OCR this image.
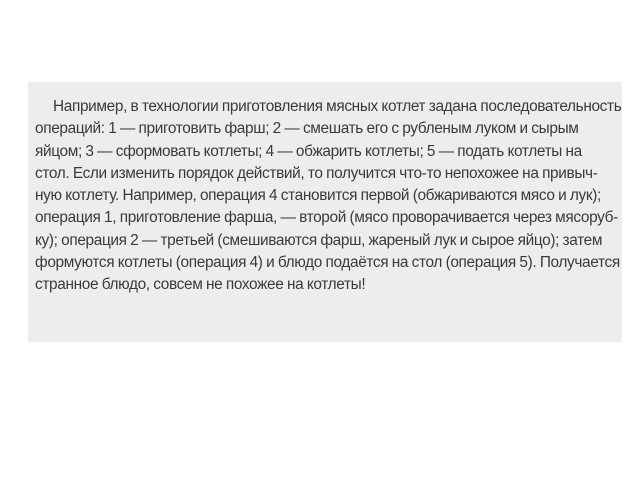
Например, в технологии приготовления мясных котлет задана последовательность
операций: 1 — приготовить фарш; 2 — смешать его с рубленым луком и сырым
яйцом; 3 — сформовать котлеты; 4 — обжарить котлеты; 5 — подать котлеты на
стол. Если изменить порядок действий, то получится что-то непохожее на привыч-
ную котлету. Например, операция 4 становится первой (обжариваются мясо и лук);
операция 1, приготовление фарша, — второй (мясо проворачивается через мясоруб-
ку); операция 2 — третьей (смешиваются фарш, жареный лук и сырое яйцо); затем
формуются котлеты (операция 4) и блюдо подаётся на стол (операция 5). Получается
странное блюдо, совсем не похожее на котлеты!
